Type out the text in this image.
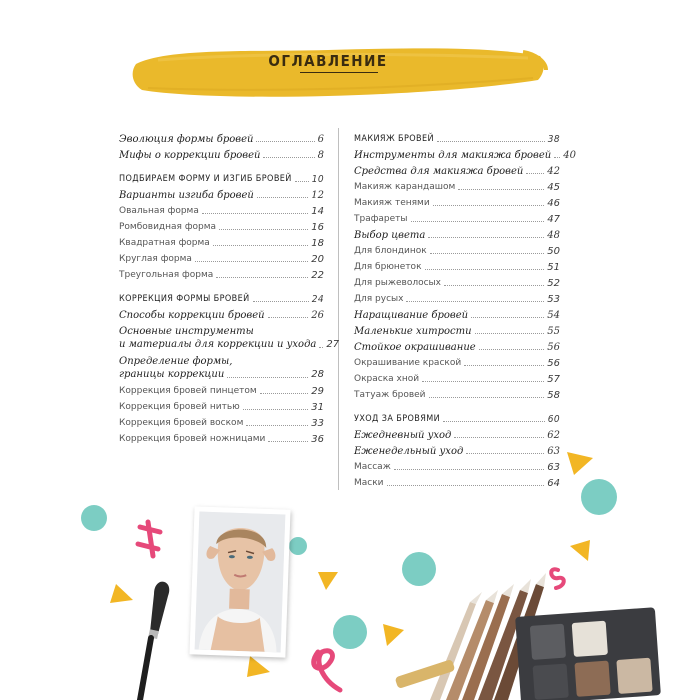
ОГЛАВЛЕНИЕ
Эволюция формы бровей	6
Мифы о коррекции бровей	8
ПОДБИРАЕМ ФОРМУ И ИЗГИБ БРОВЕЙ 10
Варианты изгиба бровей	12
Овальная форма	14
Ромбовидная форма	16
Квадратная форма	18
Круглая форма	20
Треугольная форма	22
КОРРЕКЦИЯ ФОРМЫ БРОВЕЙ	24
Способы коррекции бровей	26
Основные инструменты
и материалы для коррекции и ухода 27
Определение формы,
границы коррекции	28
Коррекция бровей пинцетом	29
Коррекция бровей нитью	31
Коррекция бровей воском	33
Коррекция бровей ножницами	36
МАКИЯЖ БРОВЕЙ	38
Инструменты для макияжа бровей 40
Средства для макияжа бровей 42
Макияж карандашом	45
Макияж тенями	46
Трафареты	47
Выбор цвета	48
Для блондинок	50
Для брюнеток	51
Для рыжеволосых	52
Для русых	53
Наращивание бровей	54
Маленькие хитрости	55
Стойкое окрашивание	56
Окрашивание краской	56
Окраска хной	57
Татуаж бровей	58
УХОД ЗА БРОВЯМИ	60
Ежедневный уход	62
Еженедельный уход	63
Массаж	63
Маски	64
